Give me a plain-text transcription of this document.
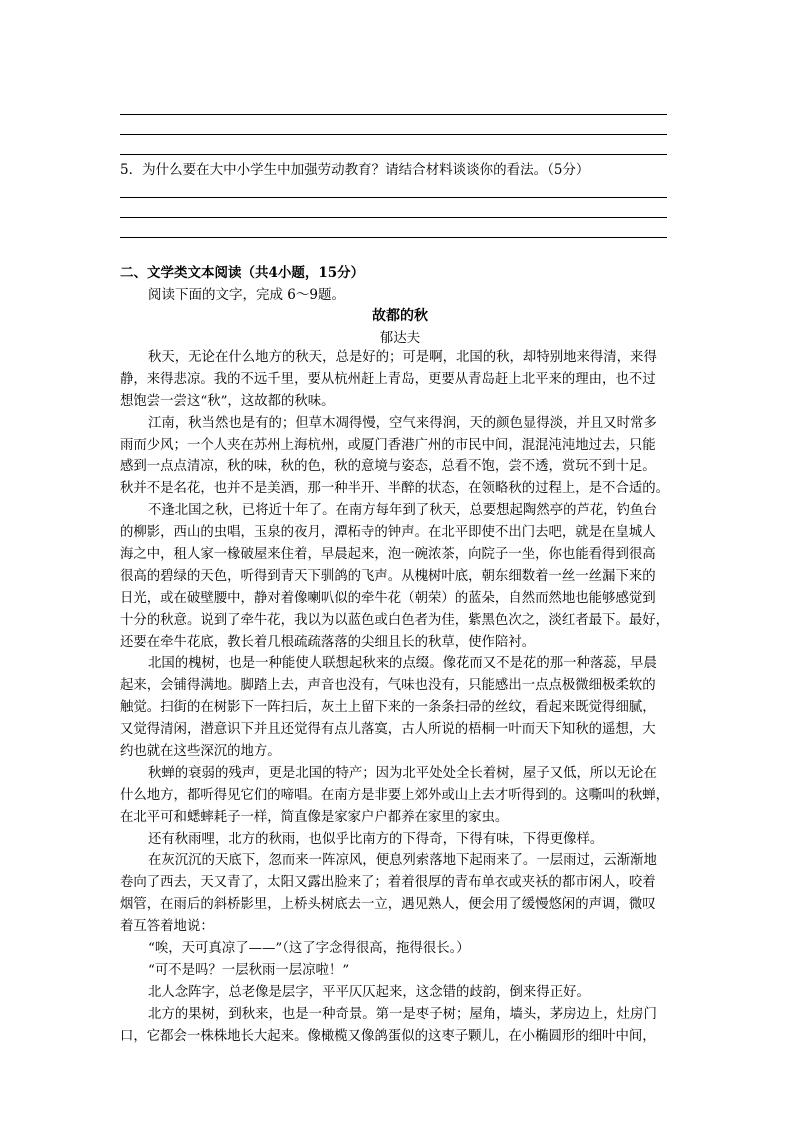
5．为什么要在大中小学生中加强劳动教育？请结合材料谈谈你的看法。（5分）
二、文学类文本阅读（共4小题，15分）
阅读下面的文字，完成 6～9题。
故都的秋
郁达夫
秋天，无论在什么地方的秋天，总是好的；可是啊，北国的秋，却特别地来得清，来得
静，来得悲凉。我的不远千里，要从杭州赶上青岛，更要从青岛赶上北平来的理由，也不过
想饱尝一尝这“秋”，这故都的秋味。
江南，秋当然也是有的；但草木凋得慢，空气来得润，天的颜色显得淡，并且又时常多
雨而少风；一个人夹在苏州上海杭州，或厦门香港广州的市民中间，混混沌沌地过去，只能
感到一点点清凉，秋的味，秋的色，秋的意境与姿态，总看不饱，尝不透，赏玩不到十足。
秋并不是名花，也并不是美酒，那一种半开、半醉的状态，在领略秋的过程上，是不合适的。
不逢北国之秋，已将近十年了。在南方每年到了秋天，总要想起陶然亭的芦花，钓鱼台
的柳影，西山的虫唱，玉泉的夜月，潭柘寺的钟声。在北平即使不出门去吧，就是在皇城人
海之中，租人家一椽破屋来住着，早晨起来，泡一碗浓茶，向院子一坐，你也能看得到很高
很高的碧绿的天色，听得到青天下驯鸽的飞声。从槐树叶底，朝东细数着一丝一丝漏下来的
日光，或在破壁腰中，静对着像喇叭似的牵牛花（朝荣）的蓝朵，自然而然地也能够感觉到
十分的秋意。说到了牵牛花，我以为以蓝色或白色者为佳，紫黑色次之，淡红者最下。最好，
还要在牵牛花底，教长着几根疏疏落落的尖细且长的秋草，使作陪衬。
北国的槐树，也是一种能使人联想起秋来的点缀。像花而又不是花的那一种落蕊，早晨
起来，会铺得满地。脚踏上去，声音也没有，气味也没有，只能感出一点点极微细极柔软的
触觉。扫街的在树影下一阵扫后，灰土上留下来的一条条扫帚的丝纹，看起来既觉得细腻，
又觉得清闲，潜意识下并且还觉得有点儿落寞，古人所说的梧桐一叶而天下知秋的遥想，大
约也就在这些深沉的地方。
秋蝉的衰弱的残声，更是北国的特产；因为北平处处全长着树，屋子又低，所以无论在
什么地方，都听得见它们的啼唱。在南方是非要上郊外或山上去才听得到的。这嘶叫的秋蝉，
在北平可和蟋蟀耗子一样，简直像是家家户户都养在家里的家虫。
还有秋雨哩，北方的秋雨，也似乎比南方的下得奇，下得有味，下得更像样。
在灰沉沉的天底下，忽而来一阵凉风，便息列索落地下起雨来了。一层雨过，云渐渐地
卷向了西去，天又青了，太阳又露出脸来了；着着很厚的青布单衣或夹袄的都市闲人，咬着
烟管，在雨后的斜桥影里，上桥头树底去一立，遇见熟人，便会用了缓慢悠闲的声调，微叹
着互答着地说：
“唉，天可真凉了——”（这了字念得很高，拖得很长。）
“可不是吗？一层秋雨一层凉啦！”
北人念阵字，总老像是层字，平平仄仄起来，这念错的歧韵，倒来得正好。
北方的果树，到秋来，也是一种奇景。第一是枣子树；屋角，墙头，茅房边上，灶房门
口，它都会一株株地长大起来。像橄榄又像鸽蛋似的这枣子颗儿，在小椭圆形的细叶中间，
